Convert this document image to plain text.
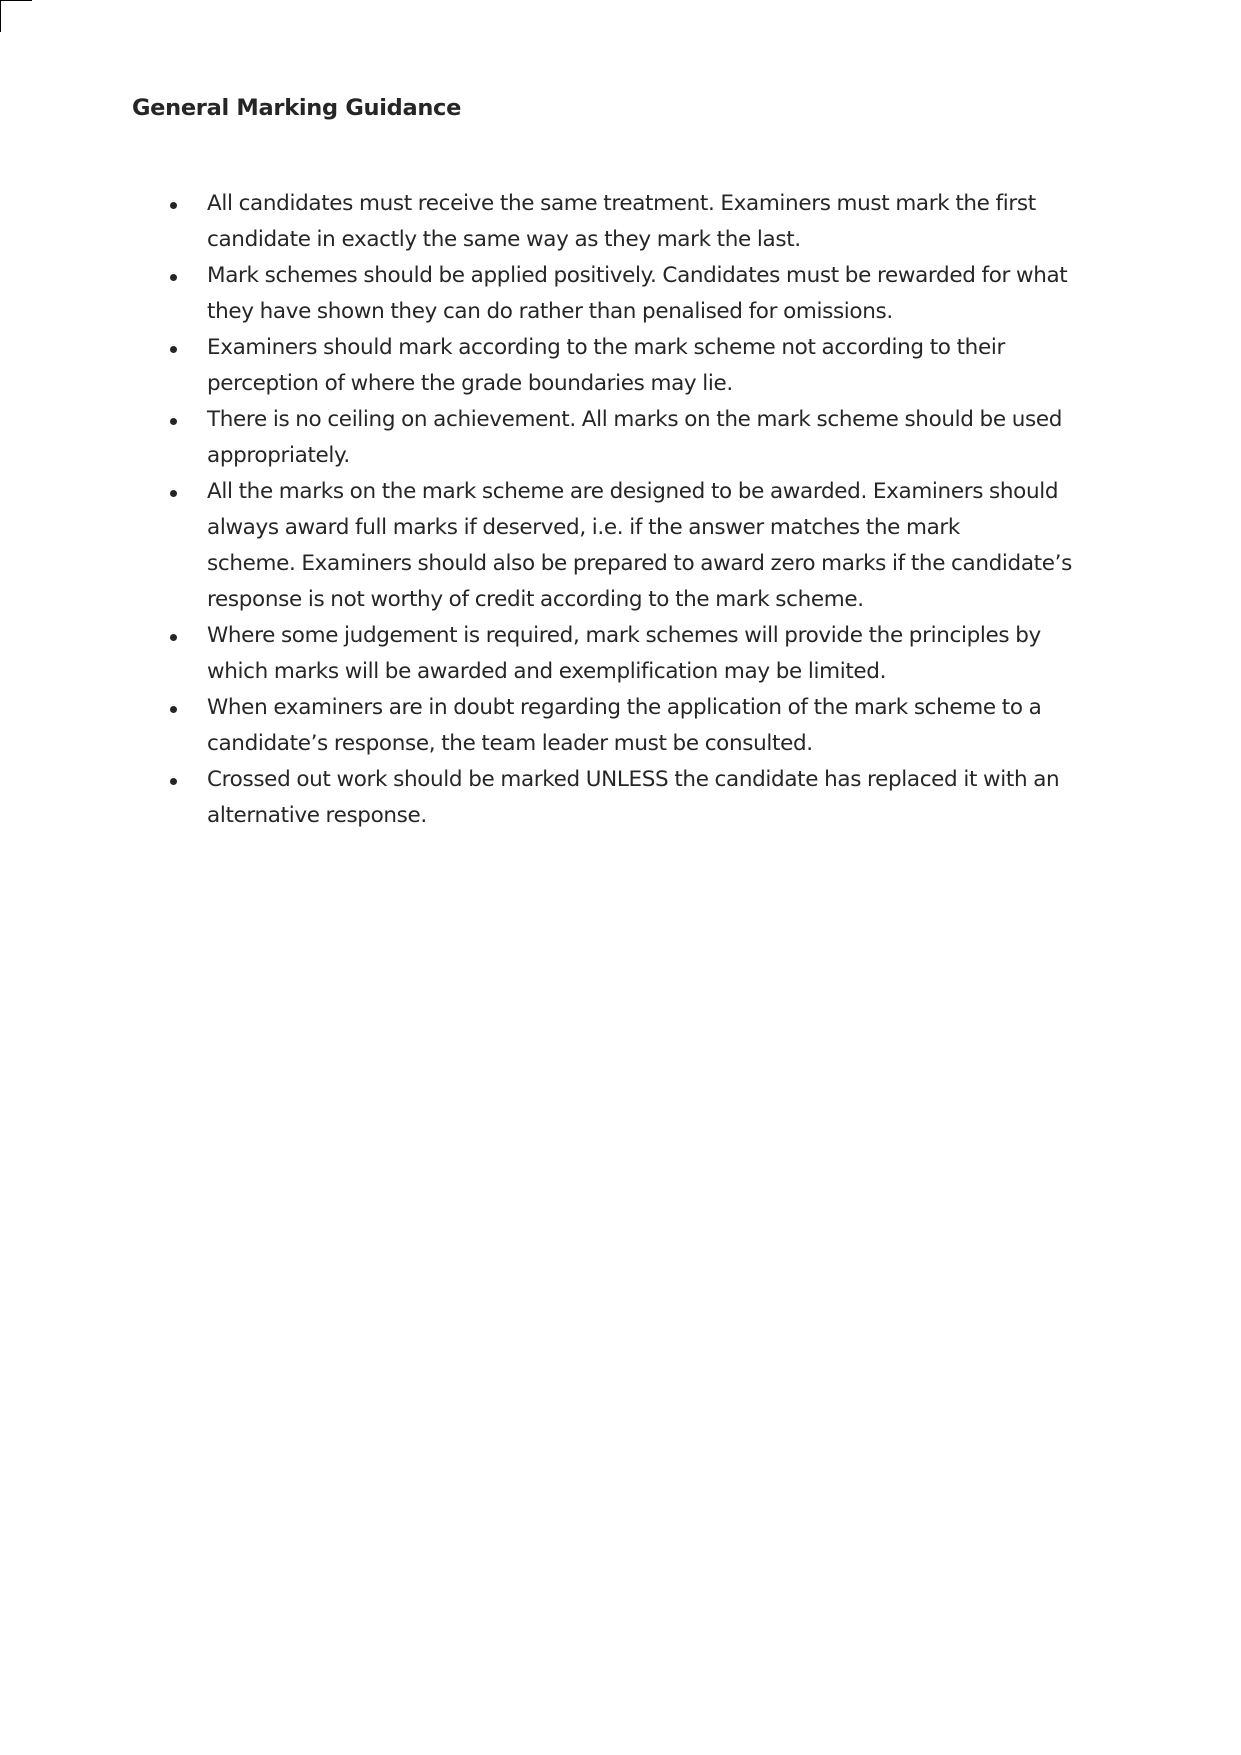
General Marking Guidance
All candidates must receive the same treatment. Examiners must mark the first
candidate in exactly the same way as they mark the last.
Mark schemes should be applied positively. Candidates must be rewarded for what
they have shown they can do rather than penalised for omissions.
Examiners should mark according to the mark scheme not according to their
perception of where the grade boundaries may lie.
There is no ceiling on achievement. All marks on the mark scheme should be used
appropriately.
All the marks on the mark scheme are designed to be awarded. Examiners should
always award full marks if deserved, i.e. if the answer matches the mark
scheme. Examiners should also be prepared to award zero marks if the candidate’s
response is not worthy of credit according to the mark scheme.
Where some judgement is required, mark schemes will provide the principles by
which marks will be awarded and exemplification may be limited.
When examiners are in doubt regarding the application of the mark scheme to a
candidate’s response, the team leader must be consulted.
Crossed out work should be marked UNLESS the candidate has replaced it with an
alternative response.
